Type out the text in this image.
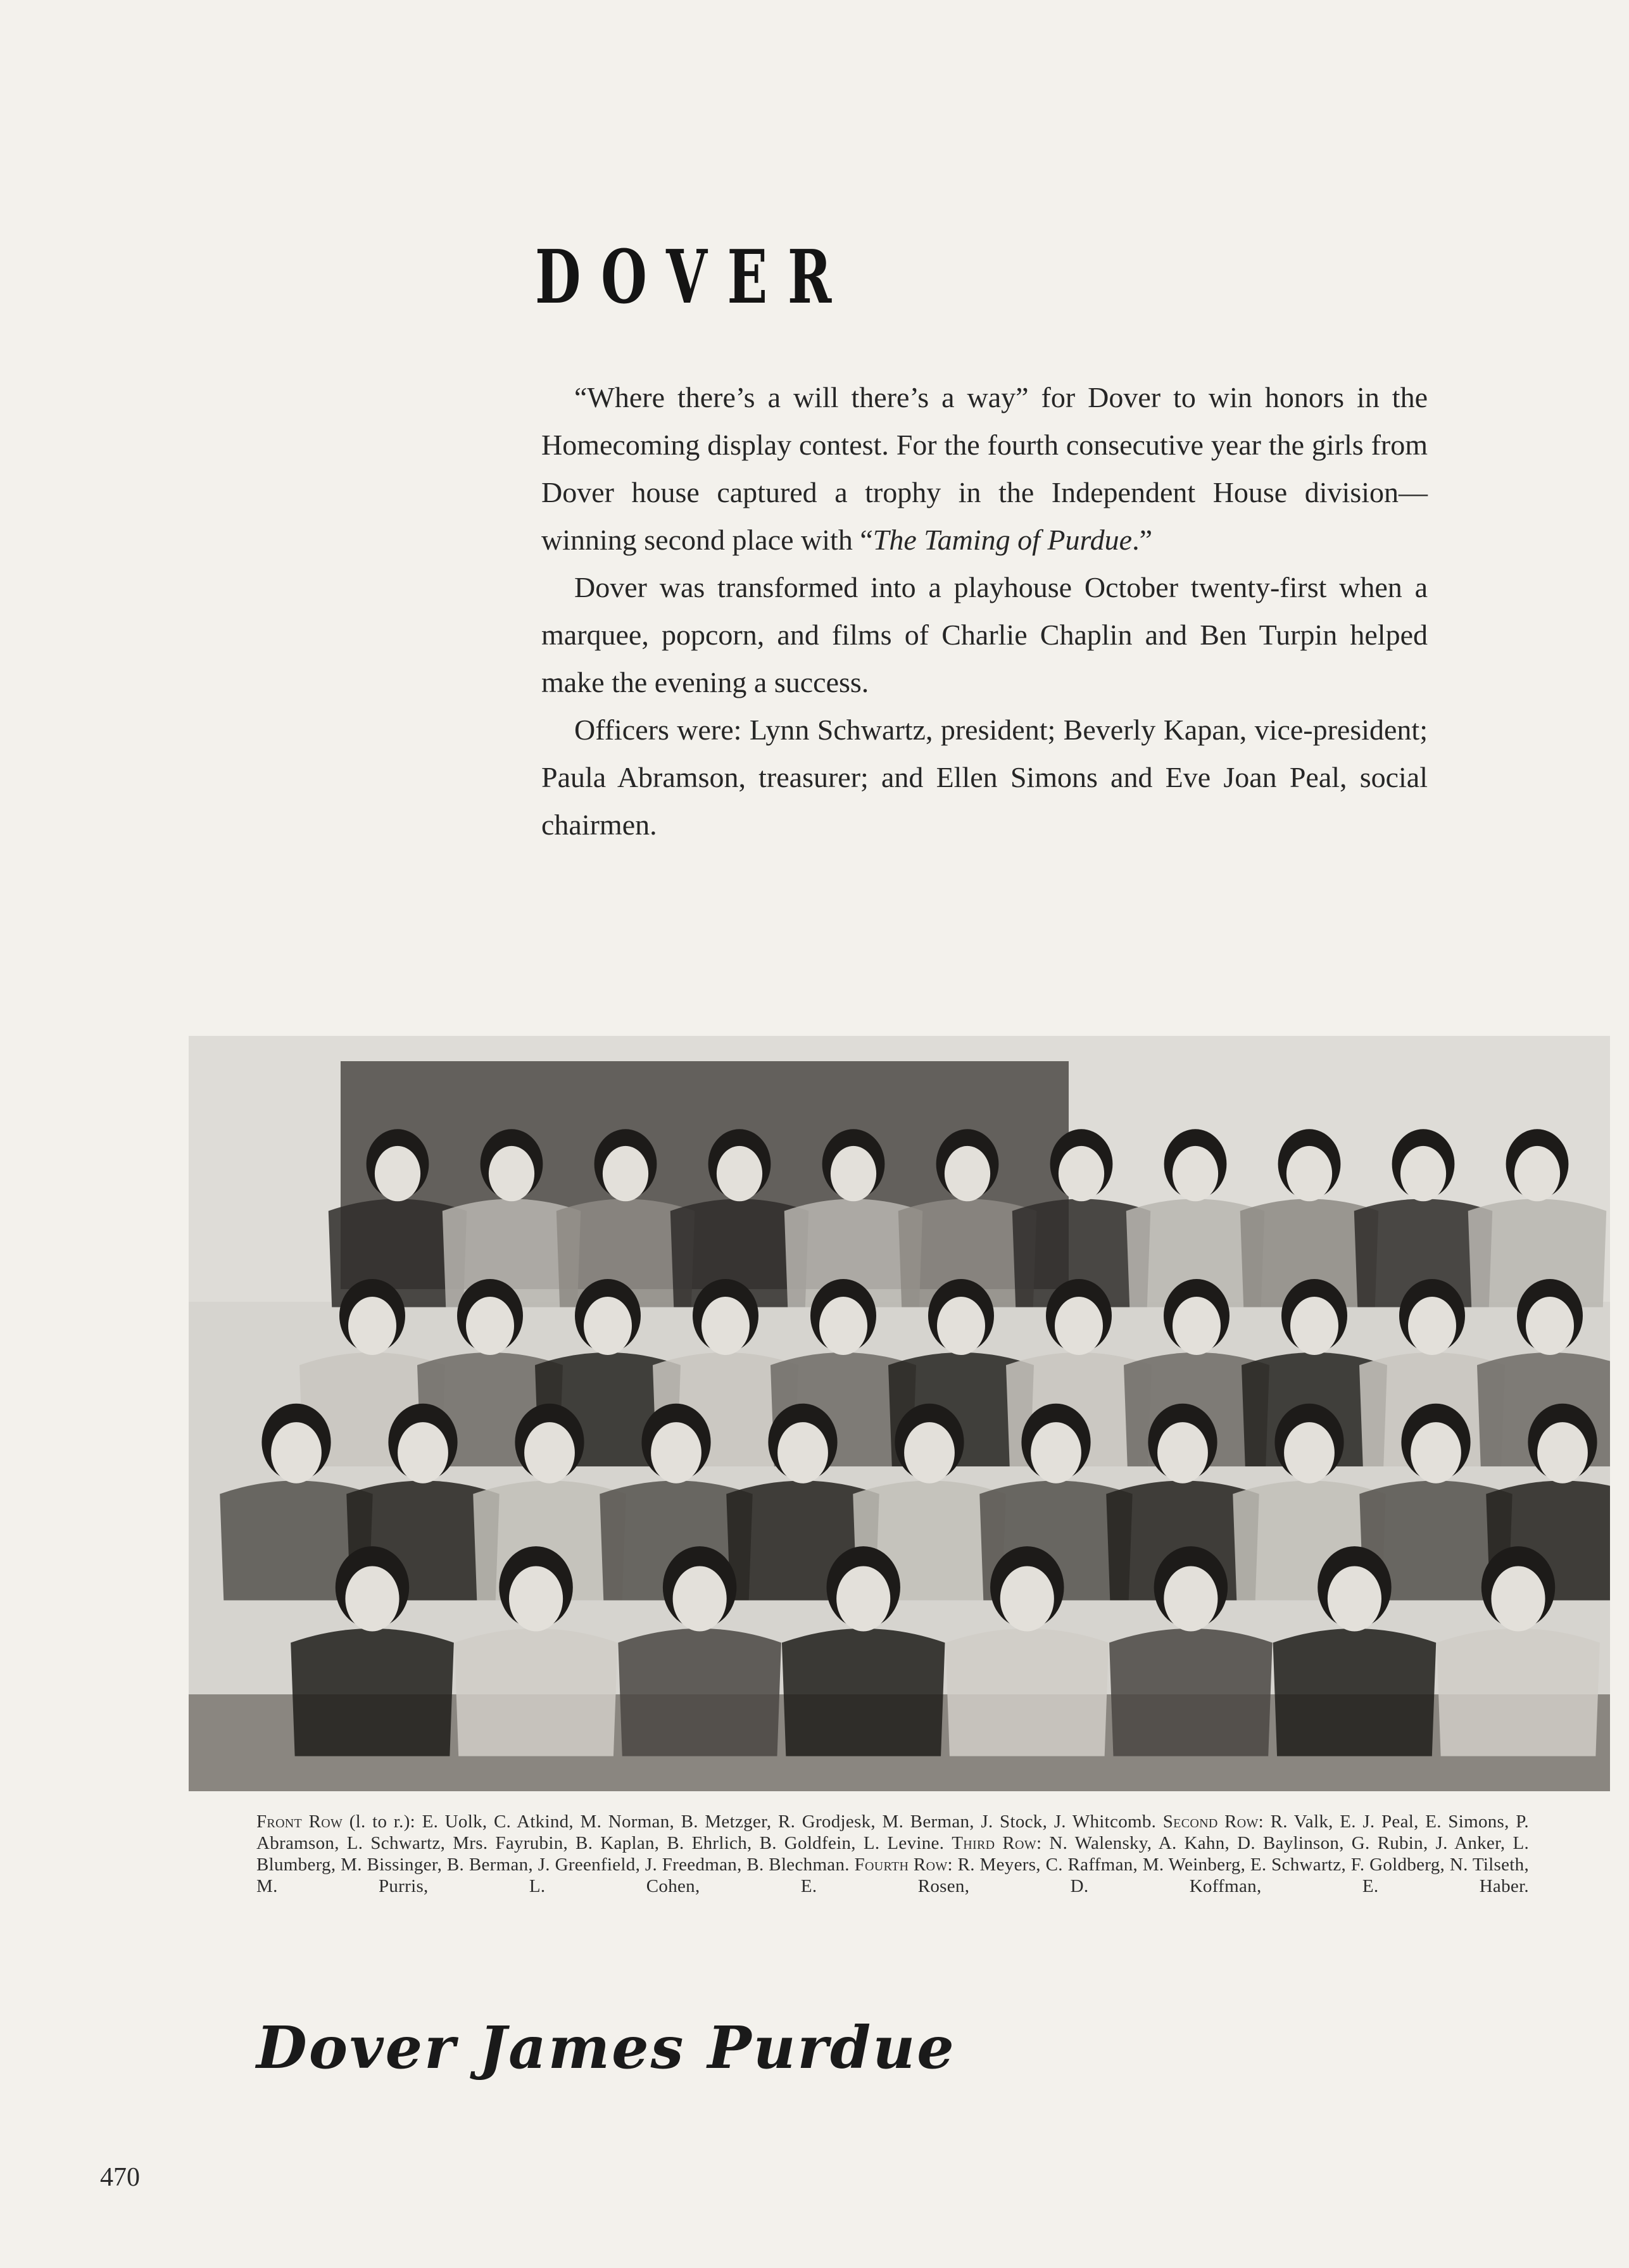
DOVER

“Where there’s a will there’s a way” for Dover to win honors in the Homecoming display contest. For the fourth consecutive year the girls from Dover house captured a trophy in the Independent House division—winning second place with “The Taming of Purdue.”

Dover was transformed into a playhouse October twenty-first when a marquee, popcorn, and films of Charlie Chaplin and Ben Turpin helped make the evening a success.

Officers were: Lynn Schwartz, president; Beverly Kapan, vice-president; Paula Abramson, treasurer; and Ellen Simons and Eve Joan Peal, social chairmen.

Front Row (l. to r.): E. Uolk, C. Atkind, M. Norman, B. Metzger, R. Grodjesk, M. Berman, J. Stock, J. Whitcomb. Second Row: R. Valk, E. J. Peal, E. Simons, P. Abramson, L. Schwartz, Mrs. Fayrubin, B. Kaplan, B. Ehrlich, B. Goldfein, L. Levine. Third Row: N. Walensky, A. Kahn, D. Baylinson, G. Rubin, J. Anker, L. Blumberg, M. Bissinger, B. Berman, J. Greenfield, J. Freedman, B. Blechman. Fourth Row: R. Meyers, C. Raffman, M. Weinberg, E. Schwartz, F. Goldberg, N. Tilseth, M. Purris, L. Cohen, E. Rosen, D. Koffman, E. Haber.
Dover James Purdue
470
